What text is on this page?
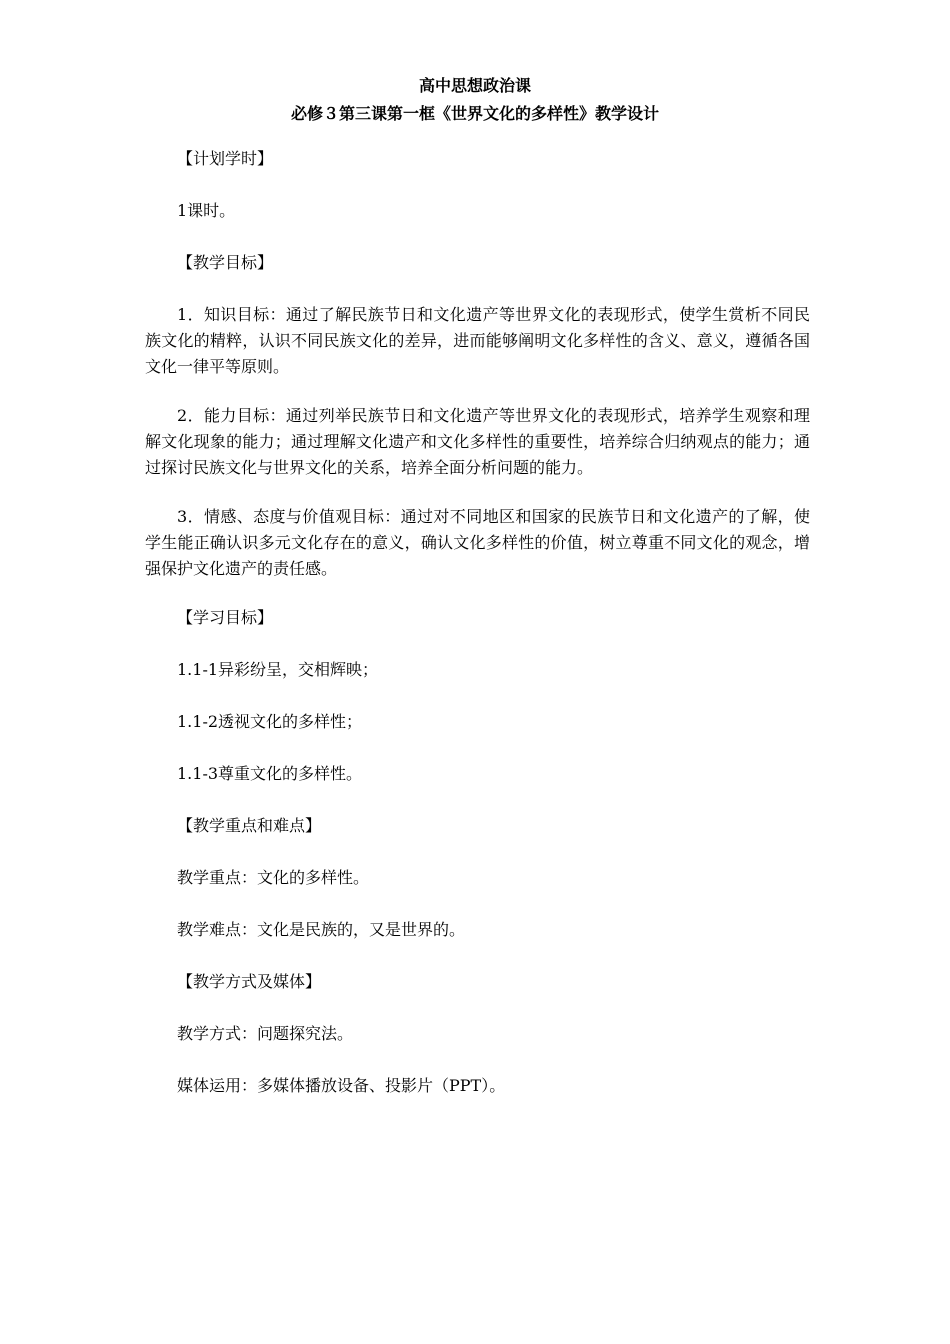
高中思想政治课
必修３第三课第一框《世界文化的多样性》教学设计

【计划学时】

1课时。

【教学目标】

1．知识目标：通过了解民族节日和文化遗产等世界文化的表现形式，使学生赏析不同民族文化的精粹，认识不同民族文化的差异，进而能够阐明文化多样性的含义、意义，遵循各国文化一律平等原则。

2．能力目标：通过列举民族节日和文化遗产等世界文化的表现形式，培养学生观察和理解文化现象的能力；通过理解文化遗产和文化多样性的重要性，培养综合归纳观点的能力；通过探讨民族文化与世界文化的关系，培养全面分析问题的能力。

3．情感、态度与价值观目标：通过对不同地区和国家的民族节日和文化遗产的了解，使学生能正确认识多元文化存在的意义，确认文化多样性的价值，树立尊重不同文化的观念，增强保护文化遗产的责任感。

【学习目标】

1.1-1异彩纷呈，交相辉映；

1.1-2透视文化的多样性；

1.1-3尊重文化的多样性。

【教学重点和难点】

教学重点：文化的多样性。

教学难点：文化是民族的，又是世界的。

【教学方式及媒体】

教学方式：问题探究法。

媒体运用：多媒体播放设备、投影片（PPT）。
